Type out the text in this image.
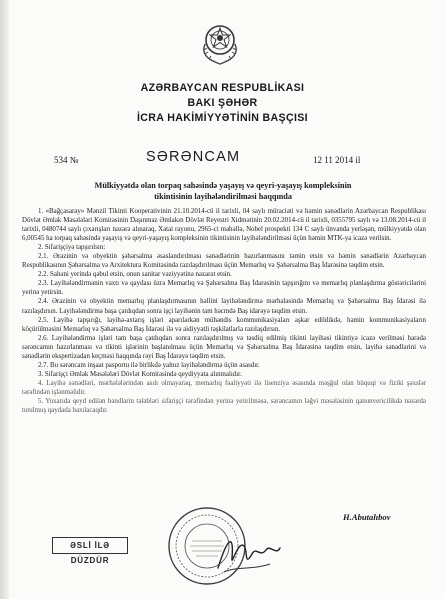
AZƏRBAYCAN RESPUBLİKASI
BAKI ŞƏHƏR
İCRA HAKİMİYYƏTİNİN BAŞÇISI
534 №	SƏRƏNCAM	12 11 2014 il
Mülkiyyətdə olan torpaq sahəsində yaşayış və qeyri-yaşayış kompleksinin
tikintisinin layihələndirilməsi haqqında

1. «Bağçasaray» Mənzil Tikinti Kooperativinin 21.10.2014-cü il tarixli, 04 saylı müraciəti və həmin sənədlərin Azərbaycan Respublikası Dövlət Əmlak Məsələləri Komitəsinin Daşınmaz Əmlakın Dövlət Reyestri Xidmətinin 20.02.2014-cü il tarixli, 0355795 saylı və 13.08.2014-cü il tarixli, 0480744 saylı çıxarışları nəzərə alınaraq, Xətai rayonu, 2965-ci məhəllə, Nobel prospekti 134 C saylı ünvanda yerləşən, mülkiyyətdə olan 6,00545 ha torpaq sahəsində yaşayış və qeyri-yaşayış kompleksinin tikintisinin layihələndirilməsi üçün həmin MTK-ya icazə verilsin.

2. Sifarişçiyə tapşırılsın:

2.1. Ərazinin və obyektin şəhərsalma əsaslandırılması sənədlərinin hazırlanmasını təmin etsin və həmin sənədlərin Azərbaycan Respublikasının Şəhərsalma və Arxitektura Komitəsində razılaşdırılması üçün Memarlıq və Şəhərsalma Baş İdarəsinə təqdim etsin.

2.2. Sahəni yerində qəbul etsin, onun sanitar vəziyyətinə nəzarət etsin.

2.3. Layihələndirmənin vaxtı və qaydası üzrə Memarlıq və Şəhərsalma Baş İdarəsinin tapşırığını və memarlıq planlaşdırma göstəricilərini yerinə yetirsin.

2.4. Ərazinin və obyektin memarlıq planlaşdırmasının həllini layihələndirmə mərhələsində Memarlıq və Şəhərsalma Baş İdarəsi ilə razılaşdırsın. Layihələndirmə başa çatdıqdan sonra işçi layihənin tam həcmdə Baş idarəyə təqdim etsin.

2.5. Layihə tapşırığı, layihə-axtarış işləri aparılarkən mühəndis kommunikasiyaları aşkar edildikdə, həmin kommunikasiyaların köçürülməsini Memarlıq və Şəhərsalma Baş İdarəsi ilə və aidiyyətli təşkilatlarla razılaşdırsın.

2.6. Layihələndirmə işləri tam başa çatdıqdan sonra razılaşdırılmış və təsdiq edilmiş tikinti layihəsi tikintiyə icazə verilməsi barədə sərəncamın hazırlanması və tikinti işlərinin başlanılması üçün Memarlıq və Şəhərsalma Baş İdarəsinə təqdim etsin, layihə sənədlərini və sənədlərin ekspertizadan keçməsi haqqında rəyi Baş İdarəyə təqdim etsin.

2.7. Bu sərəncam inşaat pasportu ilə birlikdə yalnız layihələndirmə üçün əsasdır.

3. Sifarişçi Əmlak Məsələləri Dövlət Komitəsində qeydiyyata alınmalıdır.

4. Layihə sənədləri, mərhələlərindən asılı olmayaraq, memarlıq fəaliyyəti ilə lisenziya əsasında məşğul olan hüquqi və fiziki şəxslər tərəfindən işlənməlidir.

5. Yuxarıda qeyd edilən bəndlərin tələbləri sifarişçi tərəfindən yerinə yetirilməsə, sərəncamın ləğvi məsələsinin qanunvericilikdə nəzərdə tutulmuş qaydada baxılacaqdır.

H.Abutalıbov
ƏSLİ İLƏ DÜZDÜR
